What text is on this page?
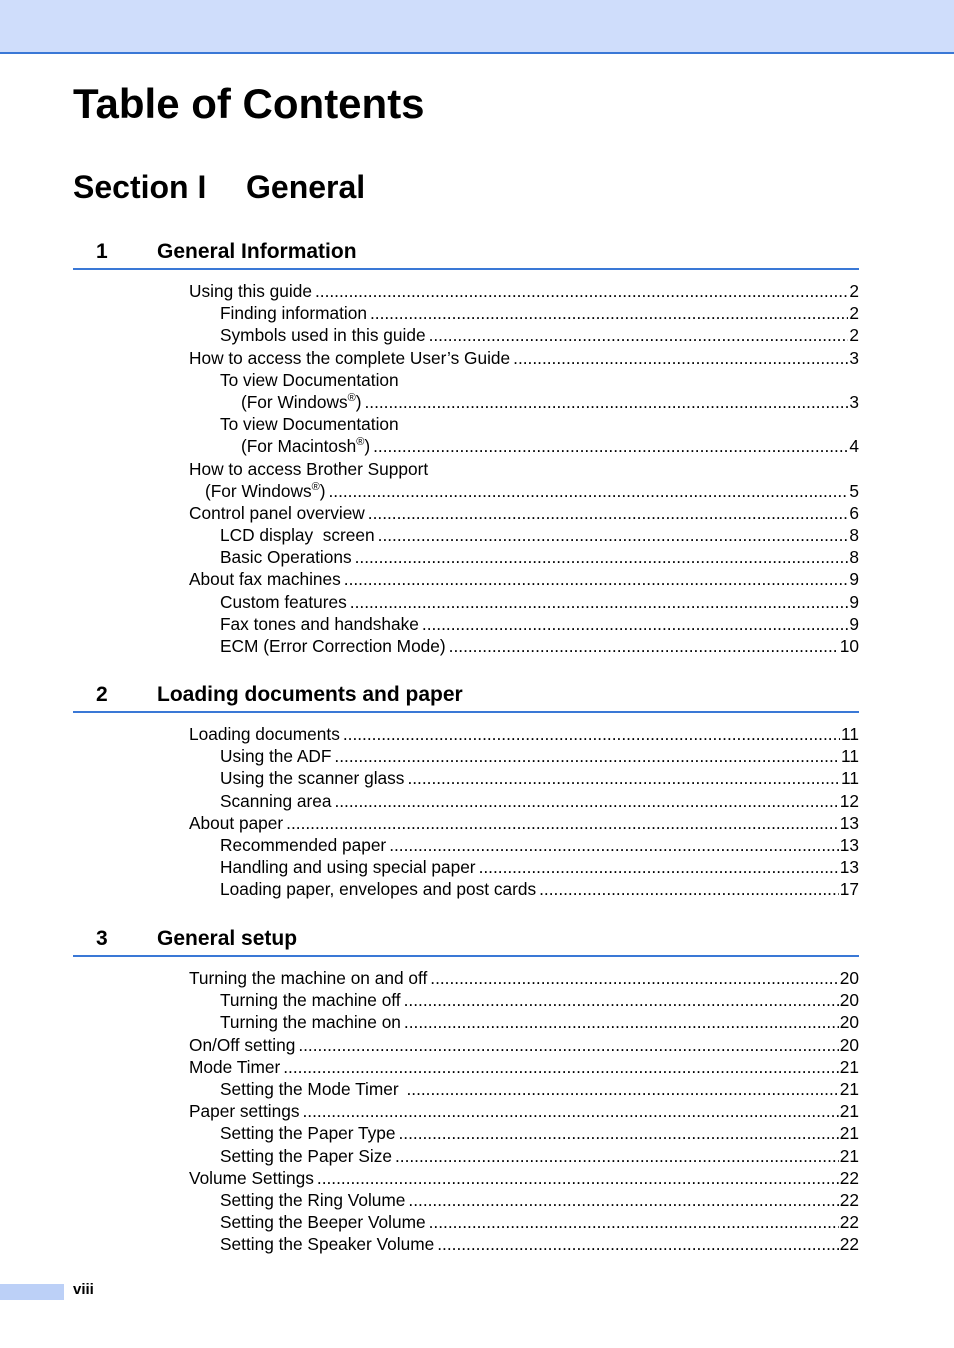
Table of Contents
Section I General
1 General Information
Using this guide .....	2
Finding information .....	2
Symbols used in this guide .....	2
How to access the complete User’s Guide .....	3
To view Documentation
(For Windows®) .....	3
To view Documentation
(For Macintosh®) .....	4
How to access Brother Support
(For Windows®) .....	5
Control panel overview .....	6
LCD display  screen .....	8
Basic Operations .....	8
About fax machines .....	9
Custom features .....	9
Fax tones and handshake .....	9
ECM (Error Correction Mode) .....	10
2 Loading documents and paper
Loading documents .....	11
Using the ADF .....	11
Using the scanner glass .....	11
Scanning area .....	12
About paper .....	13
Recommended paper .....	13
Handling and using special paper .....	13
Loading paper, envelopes and post cards .....	17
3 General setup
Turning the machine on and off .....	20
Turning the machine off .....	20
Turning the machine on .....	20
On/Off setting .....	20
Mode Timer .....	21
Setting the Mode Timer .....	21
Paper settings .....	21
Setting the Paper Type .....	21
Setting the Paper Size .....	21
Volume Settings .....	22
Setting the Ring Volume .....	22
Setting the Beeper Volume .....	22
Setting the Speaker Volume .....	22
viii
